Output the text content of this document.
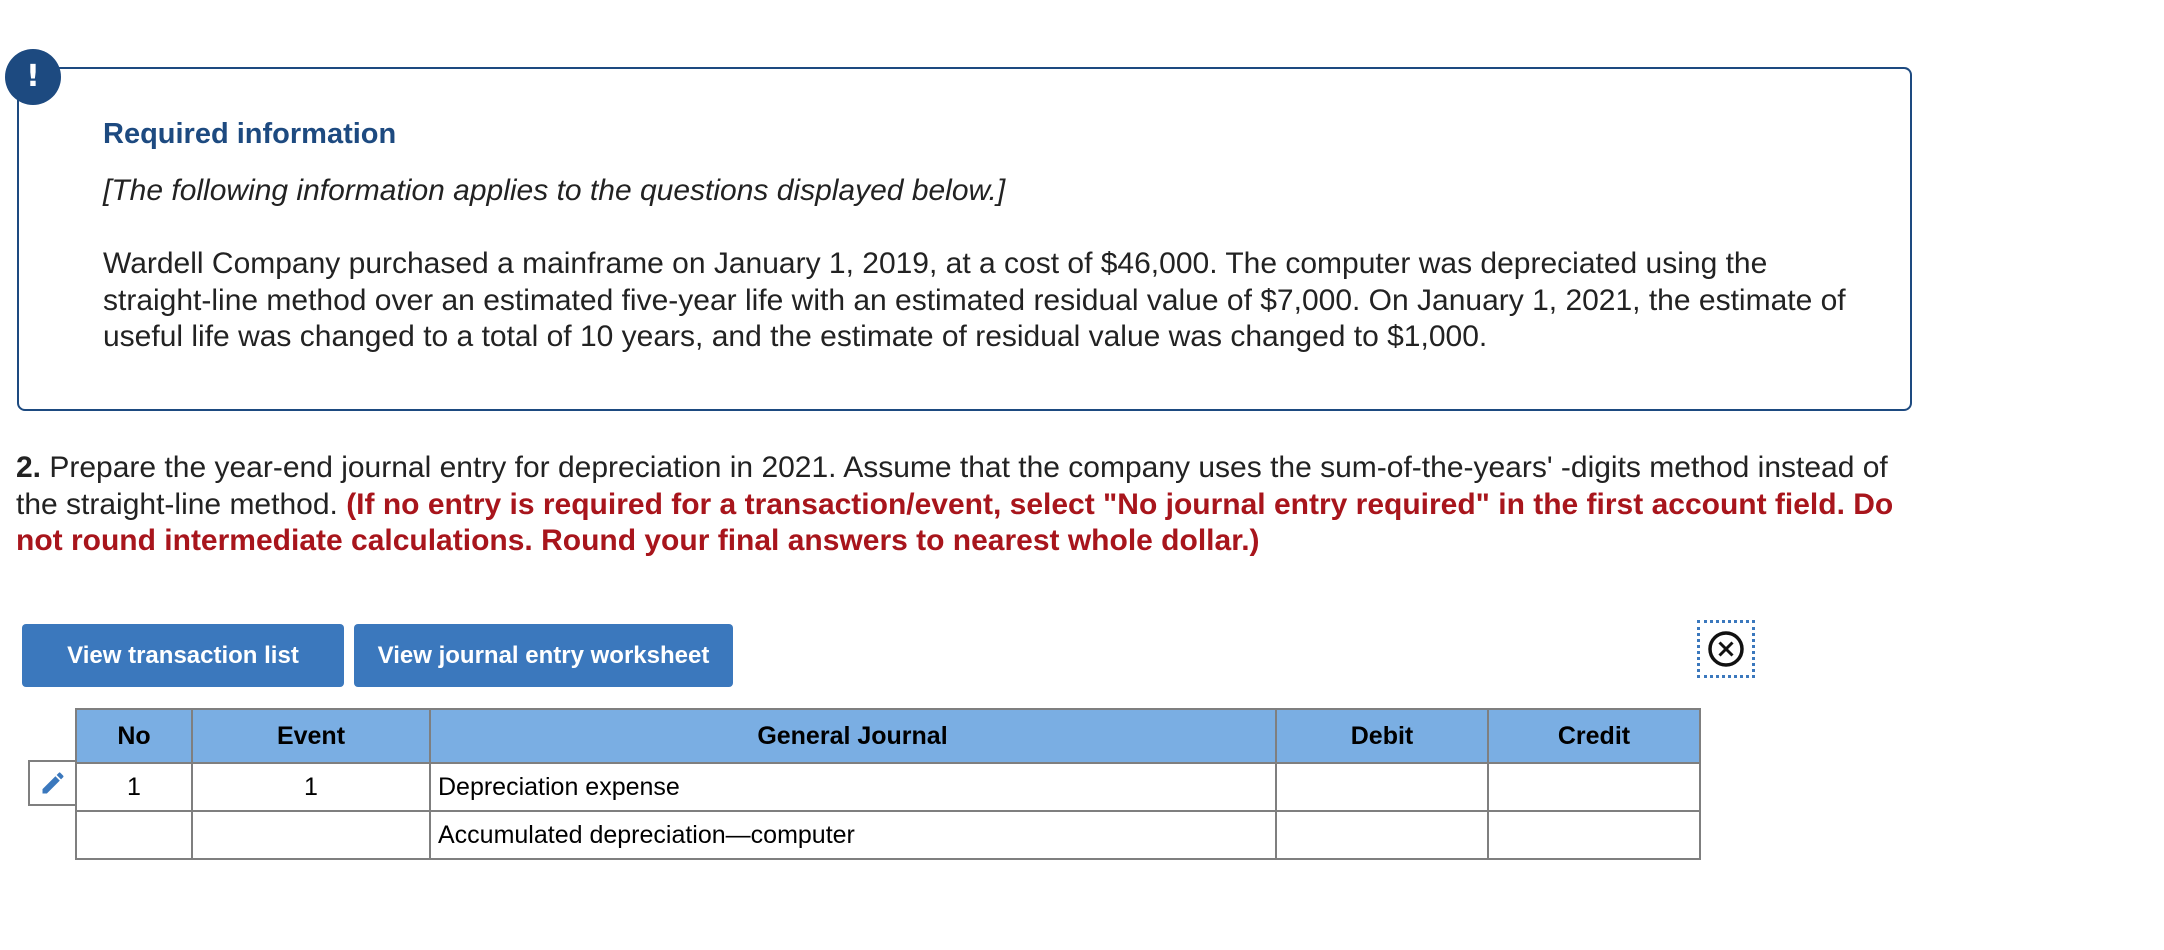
!
Required information
[The following information applies to the questions displayed below.]
Wardell Company purchased a mainframe on January 1, 2019, at a cost of $46,000. The computer was depreciated using the straight-line method over an estimated five-year life with an estimated residual value of $7,000. On January 1, 2021, the estimate of useful life was changed to a total of 10 years, and the estimate of residual value was changed to $1,000.
2. Prepare the year-end journal entry for depreciation in 2021. Assume that the company uses the sum-of-the-years' -digits method instead of the straight-line method. (If no entry is required for a transaction/event, select "No journal entry required" in the first account field. Do not round intermediate calculations. Round your final answers to nearest whole dollar.)
View transaction list	View journal entry worksheet
No	Event	General Journal	Debit	Credit
1	1	Depreciation expense		
		Accumulated depreciation—computer		
